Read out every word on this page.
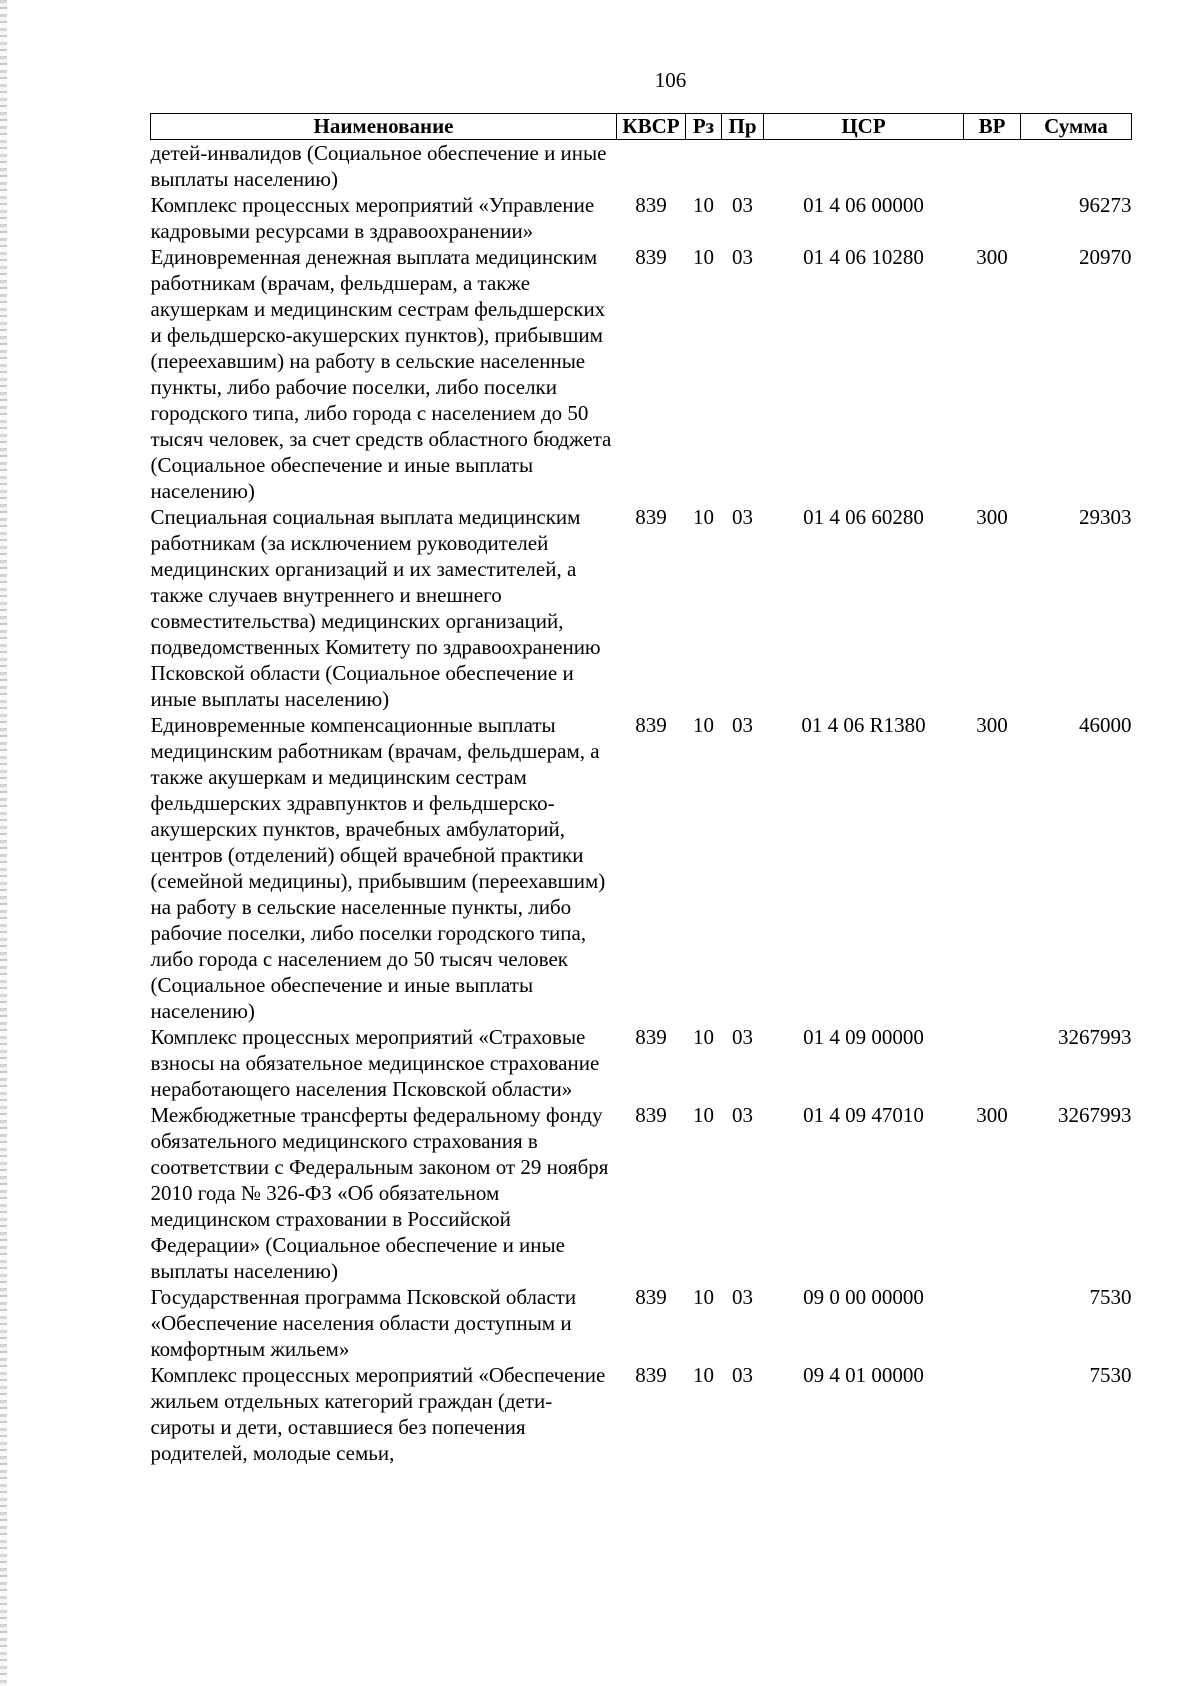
106
Наименование	КВСР	Рз	Пр	ЦСР	ВР	Сумма
детей-инвалидов (Социальное обеспечение и иные выплаты населению)						
Комплекс процессных мероприятий «Управление кадровыми ресурсами в здравоохранении»	839	10	03	01 4 06 00000		96273
Единовременная денежная выплата медицинским работникам (врачам, фельдшерам, а также акушеркам и медицинским сестрам фельдшерских и фельдшерско-акушерских пунктов), прибывшим (переехавшим) на работу в сельские населенные пункты, либо рабочие поселки, либо поселки городского типа, либо города с населением до 50 тысяч человек, за счет средств областного бюджета (Социальное обеспечение и иные выплаты населению)	839	10	03	01 4 06 10280	300	20970
Специальная социальная выплата медицинским работникам (за исключением руководителей медицинских организаций и их заместителей, а также случаев внутреннего и внешнего совместительства) медицинских организаций, подведомственных Комитету по здравоохранению Псковской области (Социальное обеспечение и иные выплаты населению)	839	10	03	01 4 06 60280	300	29303
Единовременные компенсационные выплаты медицинским работникам (врачам, фельдшерам, а также акушеркам и медицинским сестрам фельдшерских здравпунктов и фельдшерско-акушерских пунктов, врачебных амбулаторий, центров (отделений) общей врачебной практики (семейной медицины), прибывшим (переехавшим) на работу в сельские населенные пункты, либо рабочие поселки, либо поселки городского типа, либо города с населением до 50 тысяч человек (Социальное обеспечение и иные выплаты населению)	839	10	03	01 4 06 R1380	300	46000
Комплекс процессных мероприятий «Страховые взносы на обязательное медицинское страхование неработающего населения Псковской области»	839	10	03	01 4 09 00000		3267993
Межбюджетные трансферты федеральному фонду обязательного медицинского страхования в соответствии с Федеральным законом от 29 ноября 2010 года № 326-ФЗ «Об обязательном медицинском страховании в Российской Федерации» (Социальное обеспечение и иные выплаты населению)	839	10	03	01 4 09 47010	300	3267993
Государственная программа Псковской области «Обеспечение населения области доступным и комфортным жильем»	839	10	03	09 0 00 00000		7530
Комплекс процессных мероприятий «Обеспечение жильем отдельных категорий граждан (дети-сироты и дети, оставшиеся без попечения родителей, молодые семьи,	839	10	03	09 4 01 00000		7530
